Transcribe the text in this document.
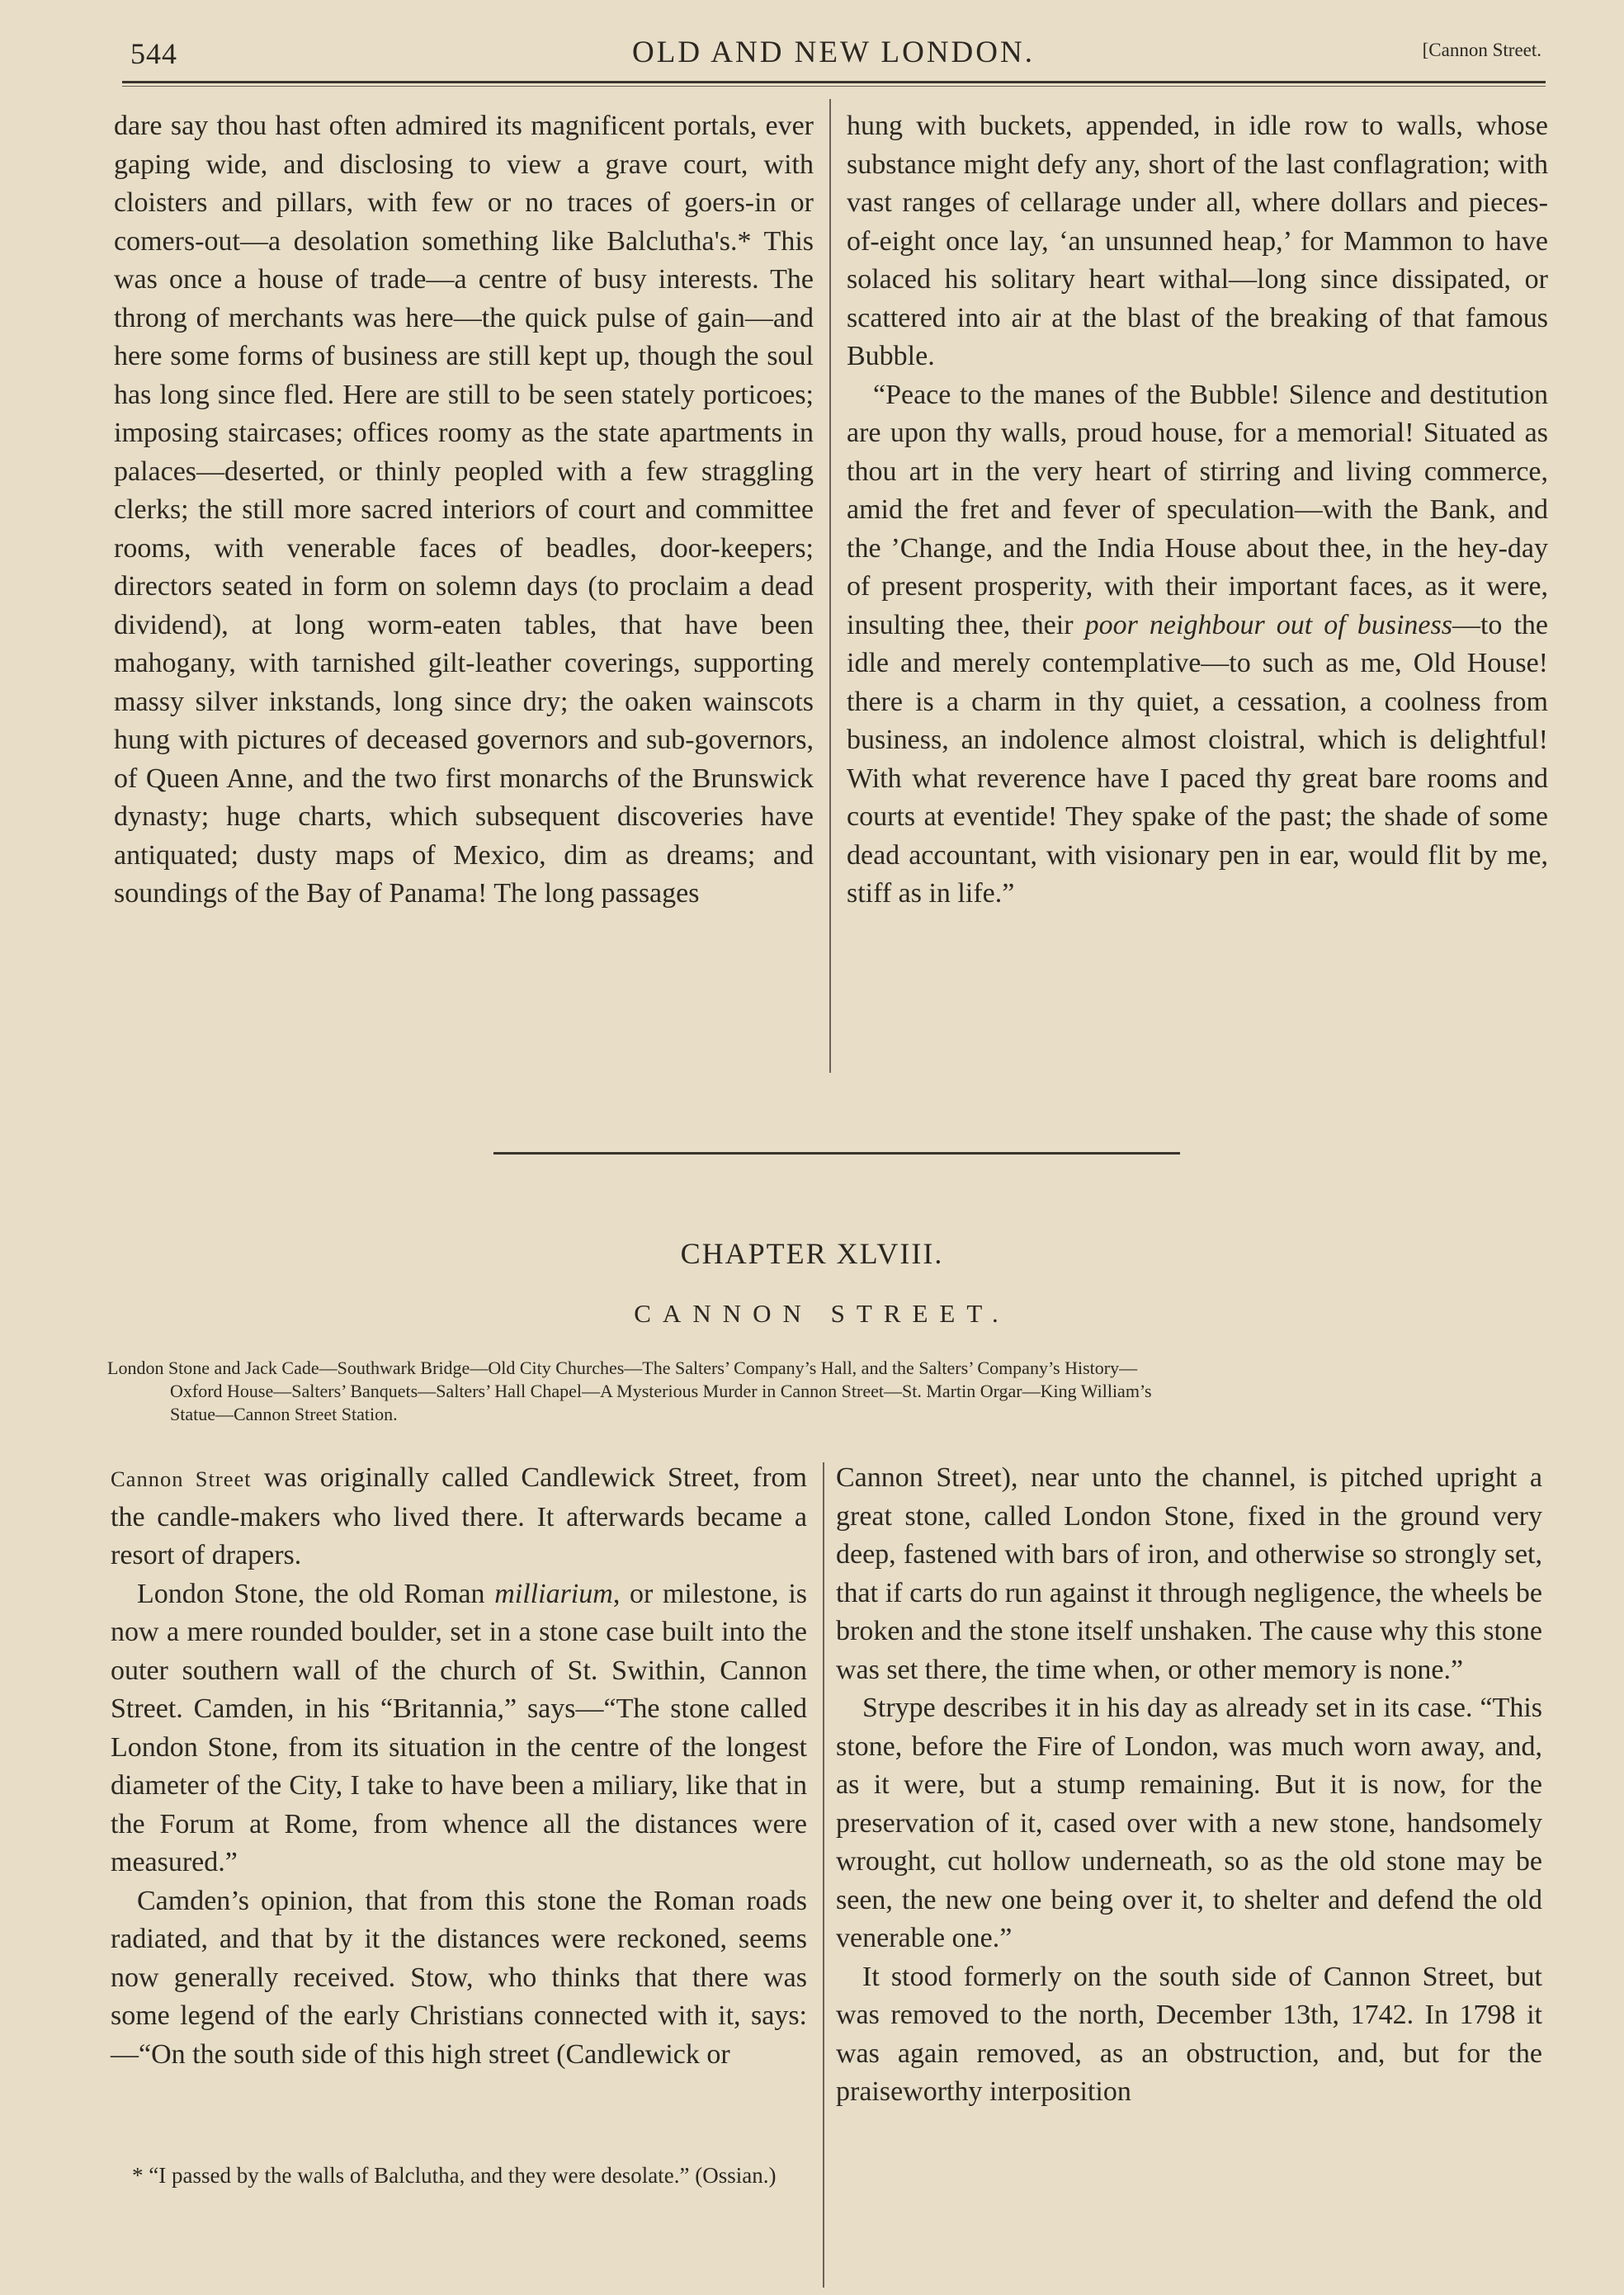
544	OLD AND NEW LONDON.	[Cannon Street.

dare say thou hast often admired its magnificent portals, ever gaping wide, and disclosing to view a grave court, with cloisters and pillars, with few or no traces of goers-in or comers-out—a desolation something like Balclutha's.* This was once a house of trade—a centre of busy interests. The throng of merchants was here—the quick pulse of gain—and here some forms of business are still kept up, though the soul has long since fled. Here are still to be seen stately porticoes; imposing staircases; offices roomy as the state apartments in palaces—deserted, or thinly peopled with a few straggling clerks; the still more sacred interiors of court and committee rooms, with venerable faces of beadles, door-keepers; directors seated in form on solemn days (to proclaim a dead dividend), at long worm-eaten tables, that have been mahogany, with tarnished gilt-leather coverings, supporting massy silver inkstands, long since dry; the oaken wainscots hung with pictures of deceased governors and sub-governors, of Queen Anne, and the two first monarchs of the Brunswick dynasty; huge charts, which subsequent discoveries have antiquated; dusty maps of Mexico, dim as dreams; and soundings of the Bay of Panama! The long passages

hung with buckets, appended, in idle row to walls, whose substance might defy any, short of the last conflagration; with vast ranges of cellarage under all, where dollars and pieces-of-eight once lay, ‘an unsunned heap,’ for Mammon to have solaced his solitary heart withal—long since dissipated, or scattered into air at the blast of the breaking of that famous Bubble.

“Peace to the manes of the Bubble! Silence and destitution are upon thy walls, proud house, for a memorial! Situated as thou art in the very heart of stirring and living commerce, amid the fret and fever of speculation—with the Bank, and the ’Change, and the India House about thee, in the hey-day of present prosperity, with their important faces, as it were, insulting thee, their poor neighbour out of business—to the idle and merely contemplative—to such as me, Old House! there is a charm in thy quiet, a cessation, a coolness from business, an indolence almost cloistral, which is delightful! With what reverence have I paced thy great bare rooms and courts at eventide! They spake of the past; the shade of some dead accountant, with visionary pen in ear, would flit by me, stiff as in life.”

CHAPTER XLVIII.
CANNON STREET.
London Stone and Jack Cade—Southwark Bridge—Old City Churches—The Salters’ Company’s Hall, and the Salters’ Company’s History—
Oxford House—Salters’ Banquets—Salters’ Hall Chapel—A Mysterious Murder in Cannon Street—St. Martin Orgar—King William’s
Statue—Cannon Street Station.

Cannon Street was originally called Candlewick Street, from the candle-makers who lived there. It afterwards became a resort of drapers.

London Stone, the old Roman milliarium, or milestone, is now a mere rounded boulder, set in a stone case built into the outer southern wall of the church of St. Swithin, Cannon Street. Camden, in his “Britannia,” says—“The stone called London Stone, from its situation in the centre of the longest diameter of the City, I take to have been a miliary, like that in the Forum at Rome, from whence all the distances were measured.”

Camden’s opinion, that from this stone the Roman roads radiated, and that by it the distances were reckoned, seems now generally received. Stow, who thinks that there was some legend of the early Christians connected with it, says:—“On the south side of this high street (Candlewick or

Cannon Street), near unto the channel, is pitched upright a great stone, called London Stone, fixed in the ground very deep, fastened with bars of iron, and otherwise so strongly set, that if carts do run against it through negligence, the wheels be broken and the stone itself unshaken. The cause why this stone was set there, the time when, or other memory is none.”

Strype describes it in his day as already set in its case. “This stone, before the Fire of London, was much worn away, and, as it were, but a stump remaining. But it is now, for the preservation of it, cased over with a new stone, handsomely wrought, cut hollow underneath, so as the old stone may be seen, the new one being over it, to shelter and defend the old venerable one.”

It stood formerly on the south side of Cannon Street, but was removed to the north, December 13th, 1742. In 1798 it was again removed, as an obstruction, and, but for the praiseworthy interposition

* “I passed by the walls of Balclutha, and they were desolate.” (Ossian.)
